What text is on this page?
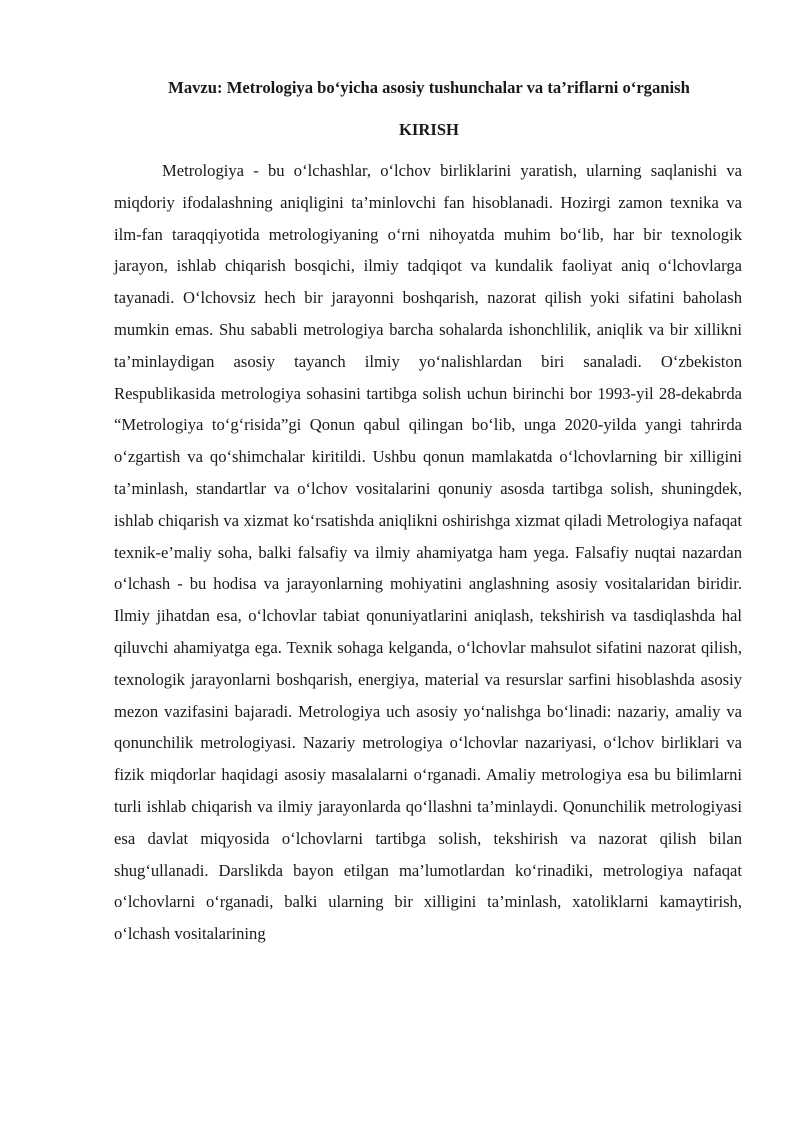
Mavzu: Metrologiya bo‘yicha asosiy tushunchalar va ta’riflarni o‘rganish
KIRISH

Metrologiya - bu o‘lchashlar, o‘lchov birliklarini yaratish, ularning saqlanishi va miqdoriy ifodalashning aniqligini ta’minlovchi fan hisoblanadi. Hozirgi zamon texnika va ilm-fan taraqqiyotida metrologiyaning o‘rni nihoyatda muhim bo‘lib, har bir texnologik jarayon, ishlab chiqarish bosqichi, ilmiy tadqiqot va kundalik faoliyat aniq o‘lchovlarga tayanadi. O‘lchovsiz hech bir jarayonni boshqarish, nazorat qilish yoki sifatini baholash mumkin emas. Shu sababli metrologiya barcha sohalarda ishonchlilik, aniqlik va bir xillikni ta’minlaydigan asosiy tayanch ilmiy yo‘nalishlardan biri sanaladi. O‘zbekiston Respublikasida metrologiya sohasini tartibga solish uchun birinchi bor 1993-yil 28-dekabrda “Metrologiya to‘g‘risida”gi Qonun qabul qilingan bo‘lib, unga 2020-yilda yangi tahrirda o‘zgartish va qo‘shimchalar kiritildi. Ushbu qonun mamlakatda o‘lchovlarning bir xilligini ta’minlash, standartlar va o‘lchov vositalarini qonuniy asosda tartibga solish, shuningdek, ishlab chiqarish va xizmat ko‘rsatishda aniqlikni oshirishga xizmat qiladi Metrologiya nafaqat texnik-e’maliy soha, balki falsafiy va ilmiy ahamiyatga ham yega. Falsafiy nuqtai nazardan o‘lchash - bu hodisa va jarayonlarning mohiyatini anglashning asosiy vositalaridan biridir. Ilmiy jihatdan esa, o‘lchovlar tabiat qonuniyatlarini aniqlash, tekshirish va tasdiqlashda hal qiluvchi ahamiyatga ega. Texnik sohaga kelganda, o‘lchovlar mahsulot sifatini nazorat qilish, texnologik jarayonlarni boshqarish, energiya, material va resurslar sarfini hisoblashda asosiy mezon vazifasini bajaradi. Metrologiya uch asosiy yo‘nalishga bo‘linadi: nazariy, amaliy va qonunchilik metrologiyasi. Nazariy metrologiya o‘lchovlar nazariyasi, o‘lchov birliklari va fizik miqdorlar haqidagi asosiy masalalarni o‘rganadi. Amaliy metrologiya esa bu bilimlarni turli ishlab chiqarish va ilmiy jarayonlarda qo‘llashni ta’minlaydi. Qonunchilik metrologiyasi esa davlat miqyosida o‘lchovlarni tartibga solish, tekshirish va nazorat qilish bilan shug‘ullanadi. Darslikda bayon etilgan ma’lumotlardan ko‘rinadiki, metrologiya nafaqat o‘lchovlarni o‘rganadi, balki ularning bir xilligini ta’minlash, xatoliklarni kamaytirish, o‘lchash vositalarining
